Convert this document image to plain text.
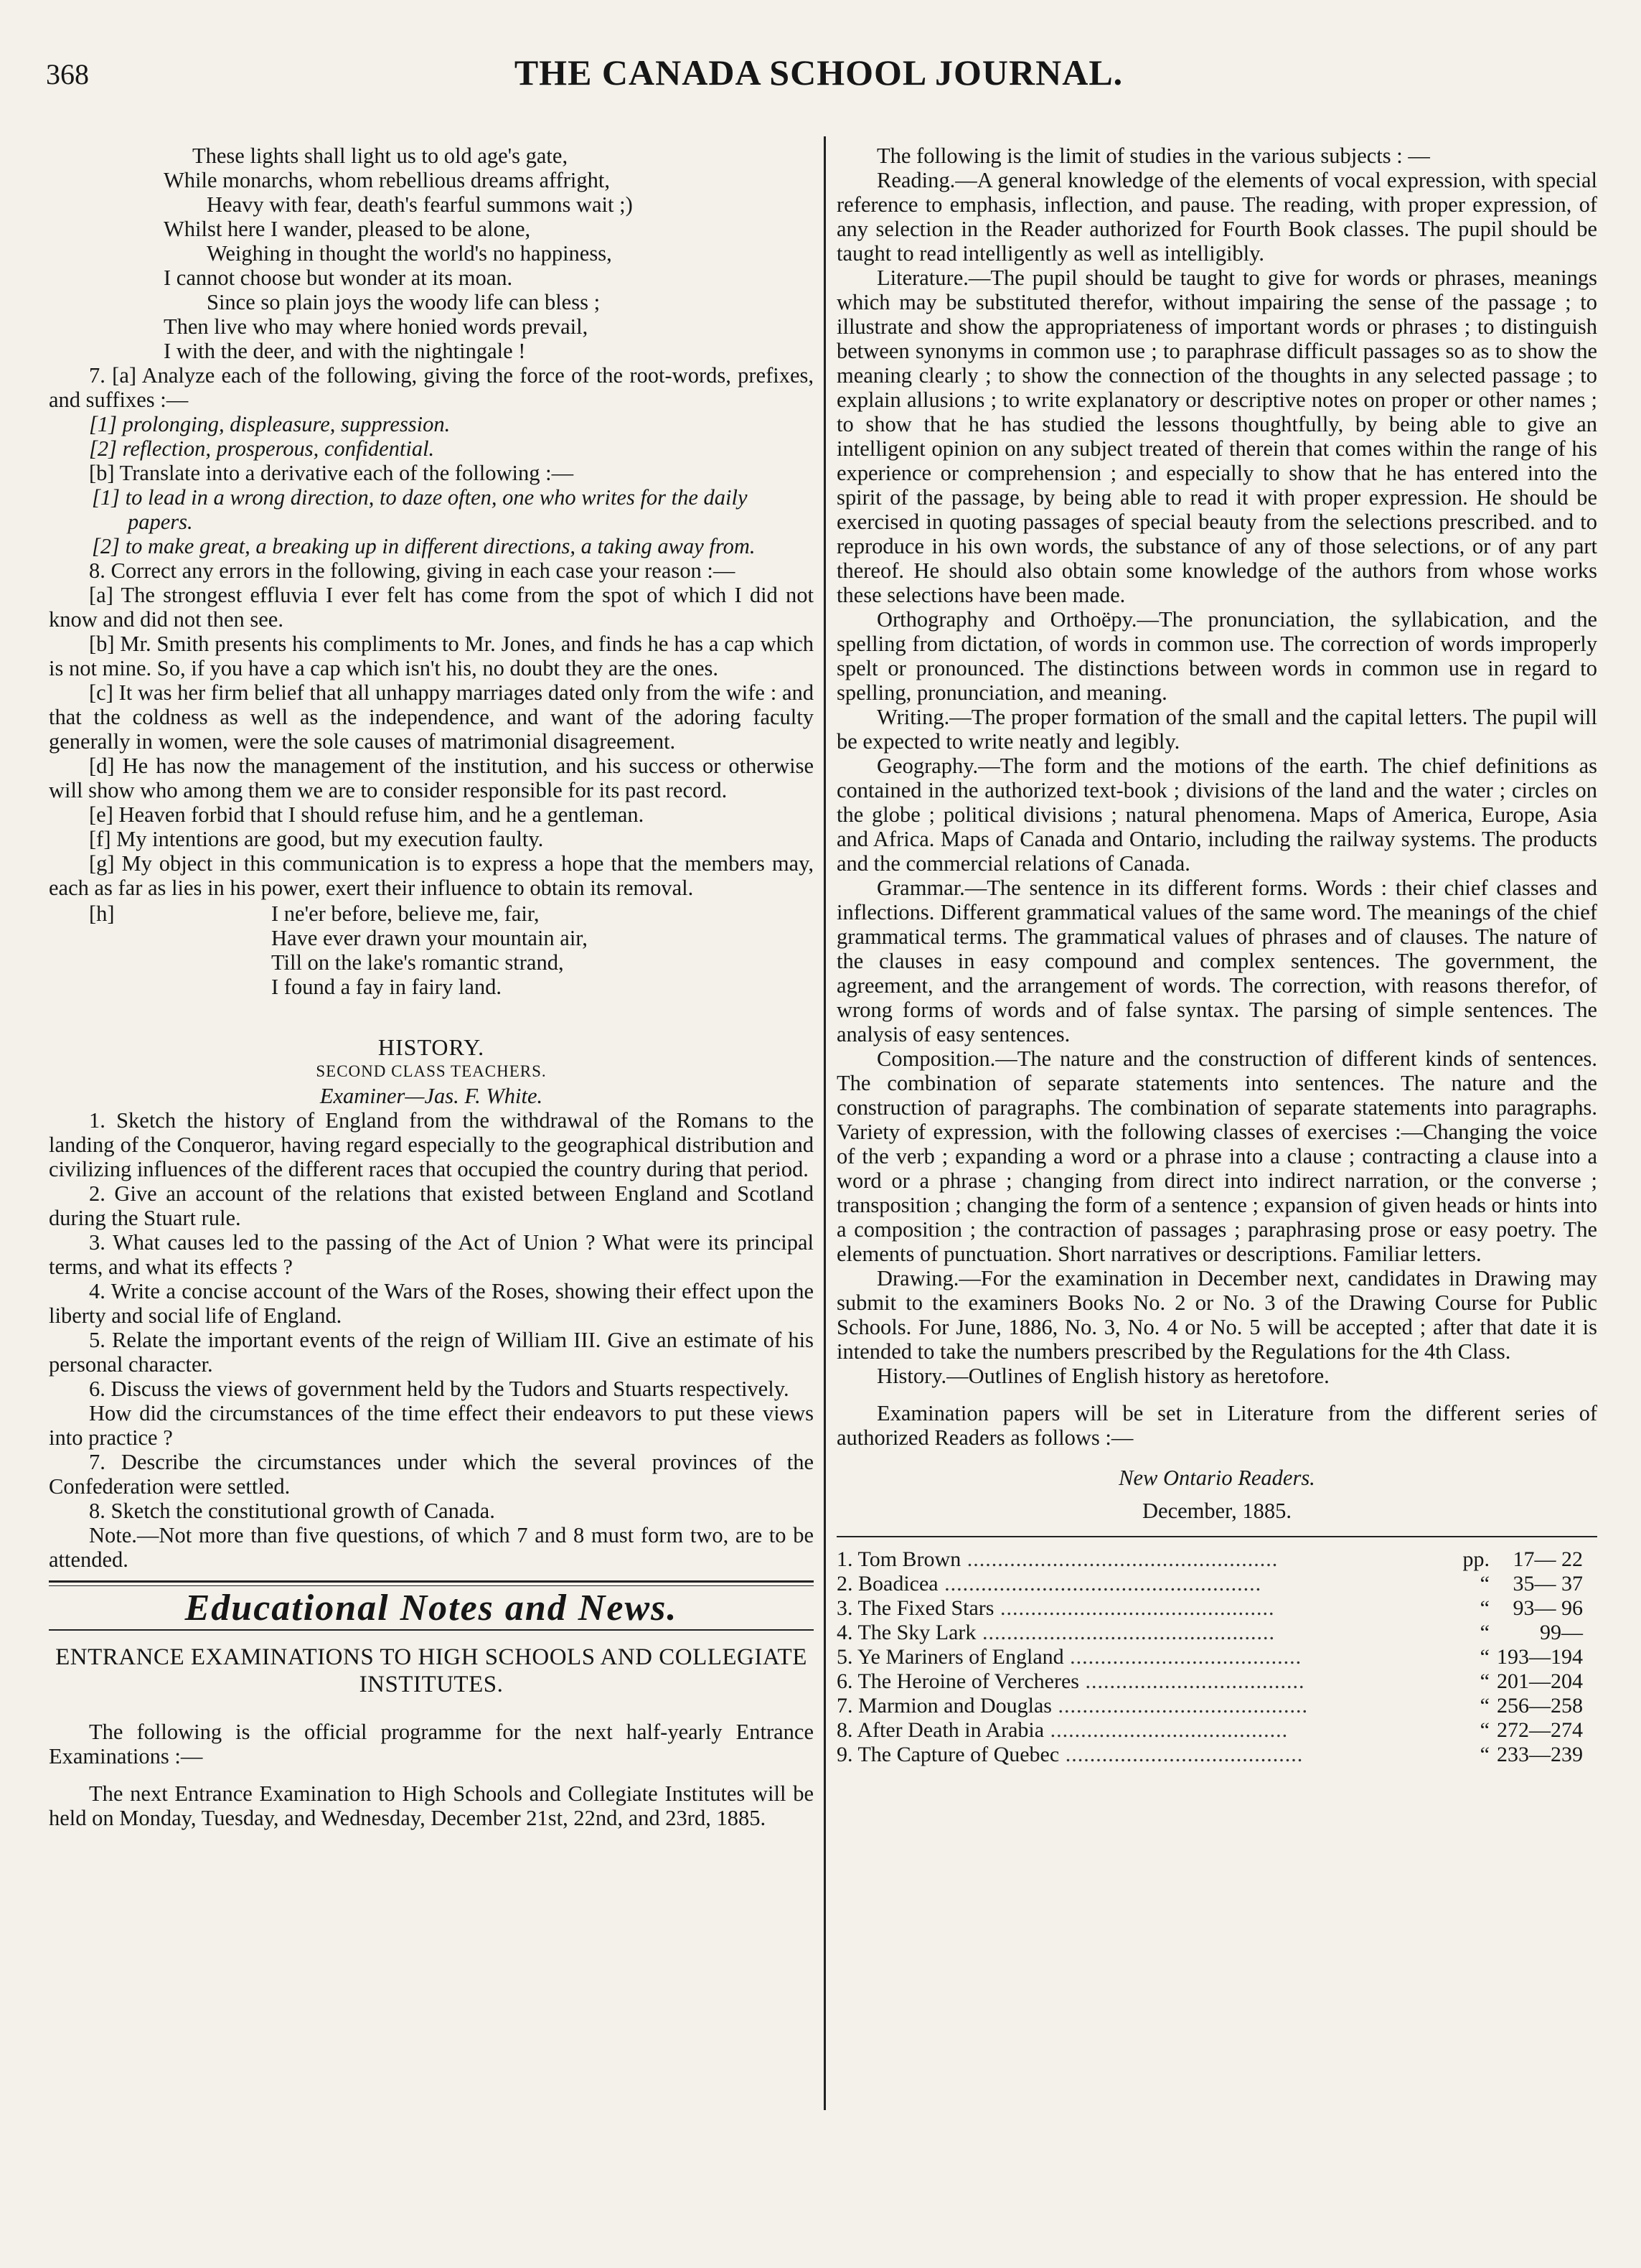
368	THE CANADA SCHOOL JOURNAL.

These lights shall light us to old age's gate,

While monarchs, whom rebellious dreams affright,

Heavy with fear, death's fearful summons wait ;)

Whilst here I wander, pleased to be alone,

Weighing in thought the world's no happiness,

I cannot choose but wonder at its moan.

Since so plain joys the woody life can bless ;

Then live who may where honied words prevail,

I with the deer, and with the nightingale !

7. [a] Analyze each of the following, giving the force of the root-words, prefixes, and suffixes :—

[1] prolonging, displeasure, suppression.

[2] reflection, prosperous, confidential.

[b] Translate into a derivative each of the following :—

[1] to lead in a wrong direction, to daze often, one who writes for the daily papers.

[2] to make great, a breaking up in different directions, a taking away from.

8. Correct any errors in the following, giving in each case your reason :—

[a] The strongest effluvia I ever felt has come from the spot of which I did not know and did not then see.

[b] Mr. Smith presents his compliments to Mr. Jones, and finds he has a cap which is not mine. So, if you have a cap which isn't his, no doubt they are the ones.

[c] It was her firm belief that all unhappy marriages dated only from the wife : and that the coldness as well as the independence, and want of the adoring faculty generally in women, were the sole causes of matrimonial disagreement.

[d] He has now the management of the institution, and his success or otherwise will show who among them we are to consider responsible for its past record.

[e] Heaven forbid that I should refuse him, and he a gentleman.

[f] My intentions are good, but my execution faulty.

[g] My object in this communication is to express a hope that the members may, each as far as lies in his power, exert their influence to obtain its removal.

[h]	I ne'er before, believe me, fair,

Have ever drawn your mountain air,

Till on the lake's romantic strand,

I found a fay in fairy land.

HISTORY.

SECOND CLASS TEACHERS.

Examiner—Jas. F. White.

1. Sketch the history of England from the withdrawal of the Romans to the landing of the Conqueror, having regard especially to the geographical distribution and civilizing influences of the different races that occupied the country during that period.

2. Give an account of the relations that existed between England and Scotland during the Stuart rule.

3. What causes led to the passing of the Act of Union ? What were its principal terms, and what its effects ?

4. Write a concise account of the Wars of the Roses, showing their effect upon the liberty and social life of England.

5. Relate the important events of the reign of William III. Give an estimate of his personal character.

6. Discuss the views of government held by the Tudors and Stuarts respectively.

How did the circumstances of the time effect their endeavors to put these views into practice ?

7. Describe the circumstances under which the several provinces of the Confederation were settled.

8. Sketch the constitutional growth of Canada.

Note.—Not more than five questions, of which 7 and 8 must form two, are to be attended.

Educational Notes and News.

ENTRANCE EXAMINATIONS TO HIGH SCHOOLS AND COLLEGIATE INSTITUTES.

The following is the official programme for the next half-yearly Entrance Examinations :—

The next Entrance Examination to High Schools and Collegiate Institutes will be held on Monday, Tuesday, and Wednesday, December 21st, 22nd, and 23rd, 1885.

The following is the limit of studies in the various subjects : —

Reading.—A general knowledge of the elements of vocal expression, with special reference to emphasis, inflection, and pause. The reading, with proper expression, of any selection in the Reader authorized for Fourth Book classes. The pupil should be taught to read intelligently as well as intelligibly.

Literature.—The pupil should be taught to give for words or phrases, meanings which may be substituted therefor, without impairing the sense of the passage ; to illustrate and show the appropriateness of important words or phrases ; to distinguish between synonyms in common use ; to paraphrase difficult passages so as to show the meaning clearly ; to show the connection of the thoughts in any selected passage ; to explain allusions ; to write explanatory or descriptive notes on proper or other names ; to show that he has studied the lessons thoughtfully, by being able to give an intelligent opinion on any subject treated of therein that comes within the range of his experience or comprehension ; and especially to show that he has entered into the spirit of the passage, by being able to read it with proper expression. He should be exercised in quoting passages of special beauty from the selections prescribed. and to reproduce in his own words, the substance of any of those selections, or of any part thereof. He should also obtain some knowledge of the authors from whose works these selections have been made.

Orthography and Orthoëpy.—The pronunciation, the syllabication, and the spelling from dictation, of words in common use. The correction of words improperly spelt or pronounced. The distinctions between words in common use in regard to spelling, pronunciation, and meaning.

Writing.—The proper formation of the small and the capital letters. The pupil will be expected to write neatly and legibly.

Geography.—The form and the motions of the earth. The chief definitions as contained in the authorized text-book ; divisions of the land and the water ; circles on the globe ; political divisions ; natural phenomena. Maps of America, Europe, Asia and Africa. Maps of Canada and Ontario, including the railway systems. The products and the commercial relations of Canada.

Grammar.—The sentence in its different forms. Words : their chief classes and inflections. Different grammatical values of the same word. The meanings of the chief grammatical terms. The grammatical values of phrases and of clauses. The nature of the clauses in easy compound and complex sentences. The government, the agreement, and the arrangement of words. The correction, with reasons therefor, of wrong forms of words and of false syntax. The parsing of simple sentences. The analysis of easy sentences.

Composition.—The nature and the construction of different kinds of sentences. The combination of separate statements into sentences. The nature and the construction of paragraphs. The combination of separate statements into paragraphs. Variety of expression, with the following classes of exercises :—Changing the voice of the verb ; expanding a word or a phrase into a clause ; contracting a clause into a word or a phrase ; changing from direct into indirect narration, or the converse ; transposition ; changing the form of a sentence ; expansion of given heads or hints into a composition ; the contraction of passages ; paraphrasing prose or easy poetry. The elements of punctuation. Short narratives or descriptions. Familiar letters.

Drawing.—For the examination in December next, candidates in Drawing may submit to the examiners Books No. 2 or No. 3 of the Drawing Course for Public Schools. For June, 1886, No. 3, No. 4 or No. 5 will be accepted ; after that date it is intended to take the numbers prescribed by the Regulations for the 4th Class.

History.—Outlines of English history as heretofore.

Examination papers will be set in Literature from the different series of authorized Readers as follows :—

New Ontario Readers.

December, 1885.

1. Tom Brown ...................................................	pp.	17— 22
2. Boadicea ....................................................	“	35— 37
3. The Fixed Stars .............................................	“	93— 96
4. The Sky Lark ................................................	“	99—
5. Ye Mariners of England ......................................	“	193—194
6. The Heroine of Vercheres ....................................	“	201—204
7. Marmion and Douglas .........................................	“	256—258
8. After Death in Arabia .......................................	“	272—274
9. The Capture of Quebec .......................................	“	233—239
